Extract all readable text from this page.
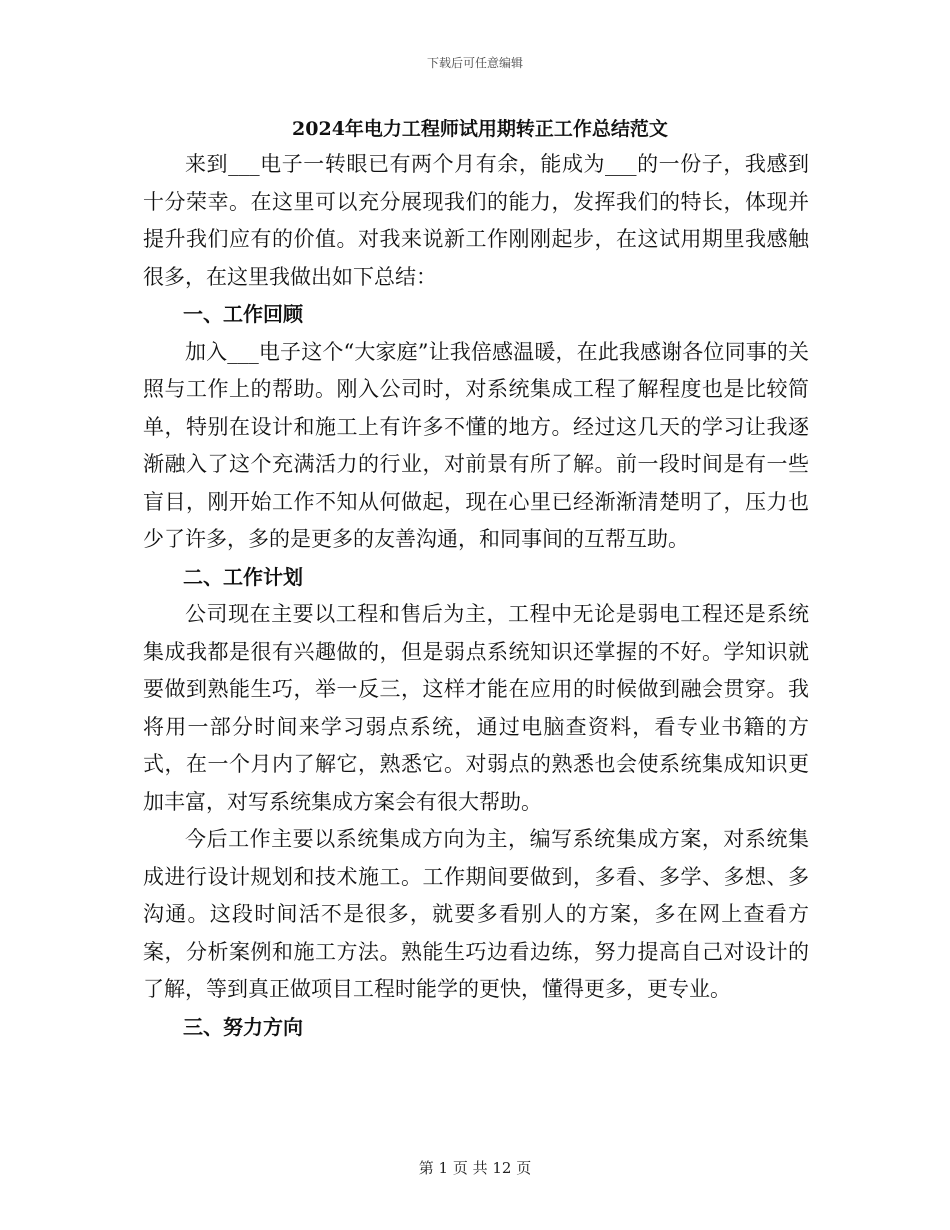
下载后可任意编辑
2024年电力工程师试用期转正工作总结范文

来到___电子一转眼已有两个月有余，能成为___的一份子，我感到十分荣幸。在这里可以充分展现我们的能力，发挥我们的特长，体现并提升我们应有的价值。对我来说新工作刚刚起步，在这试用期里我感触很多，在这里我做出如下总结：

一、工作回顾

加入___电子这个“大家庭”让我倍感温暖，在此我感谢各位同事的关照与工作上的帮助。刚入公司时，对系统集成工程了解程度也是比较简单，特别在设计和施工上有许多不懂的地方。经过这几天的学习让我逐渐融入了这个充满活力的行业，对前景有所了解。前一段时间是有一些盲目，刚开始工作不知从何做起，现在心里已经渐渐清楚明了，压力也少了许多，多的是更多的友善沟通，和同事间的互帮互助。

二、工作计划

公司现在主要以工程和售后为主，工程中无论是弱电工程还是系统集成我都是很有兴趣做的，但是弱点系统知识还掌握的不好。学知识就要做到熟能生巧，举一反三，这样才能在应用的时候做到融会贯穿。我将用一部分时间来学习弱点系统，通过电脑查资料，看专业书籍的方式，在一个月内了解它，熟悉它。对弱点的熟悉也会使系统集成知识更加丰富，对写系统集成方案会有很大帮助。

今后工作主要以系统集成方向为主，编写系统集成方案，对系统集成进行设计规划和技术施工。工作期间要做到，多看、多学、多想、多沟通。这段时间活不是很多，就要多看别人的方案，多在网上查看方案，分析案例和施工方法。熟能生巧边看边练，努力提高自己对设计的了解，等到真正做项目工程时能学的更快，懂得更多，更专业。

三、努力方向

第 1 页 共 12 页
